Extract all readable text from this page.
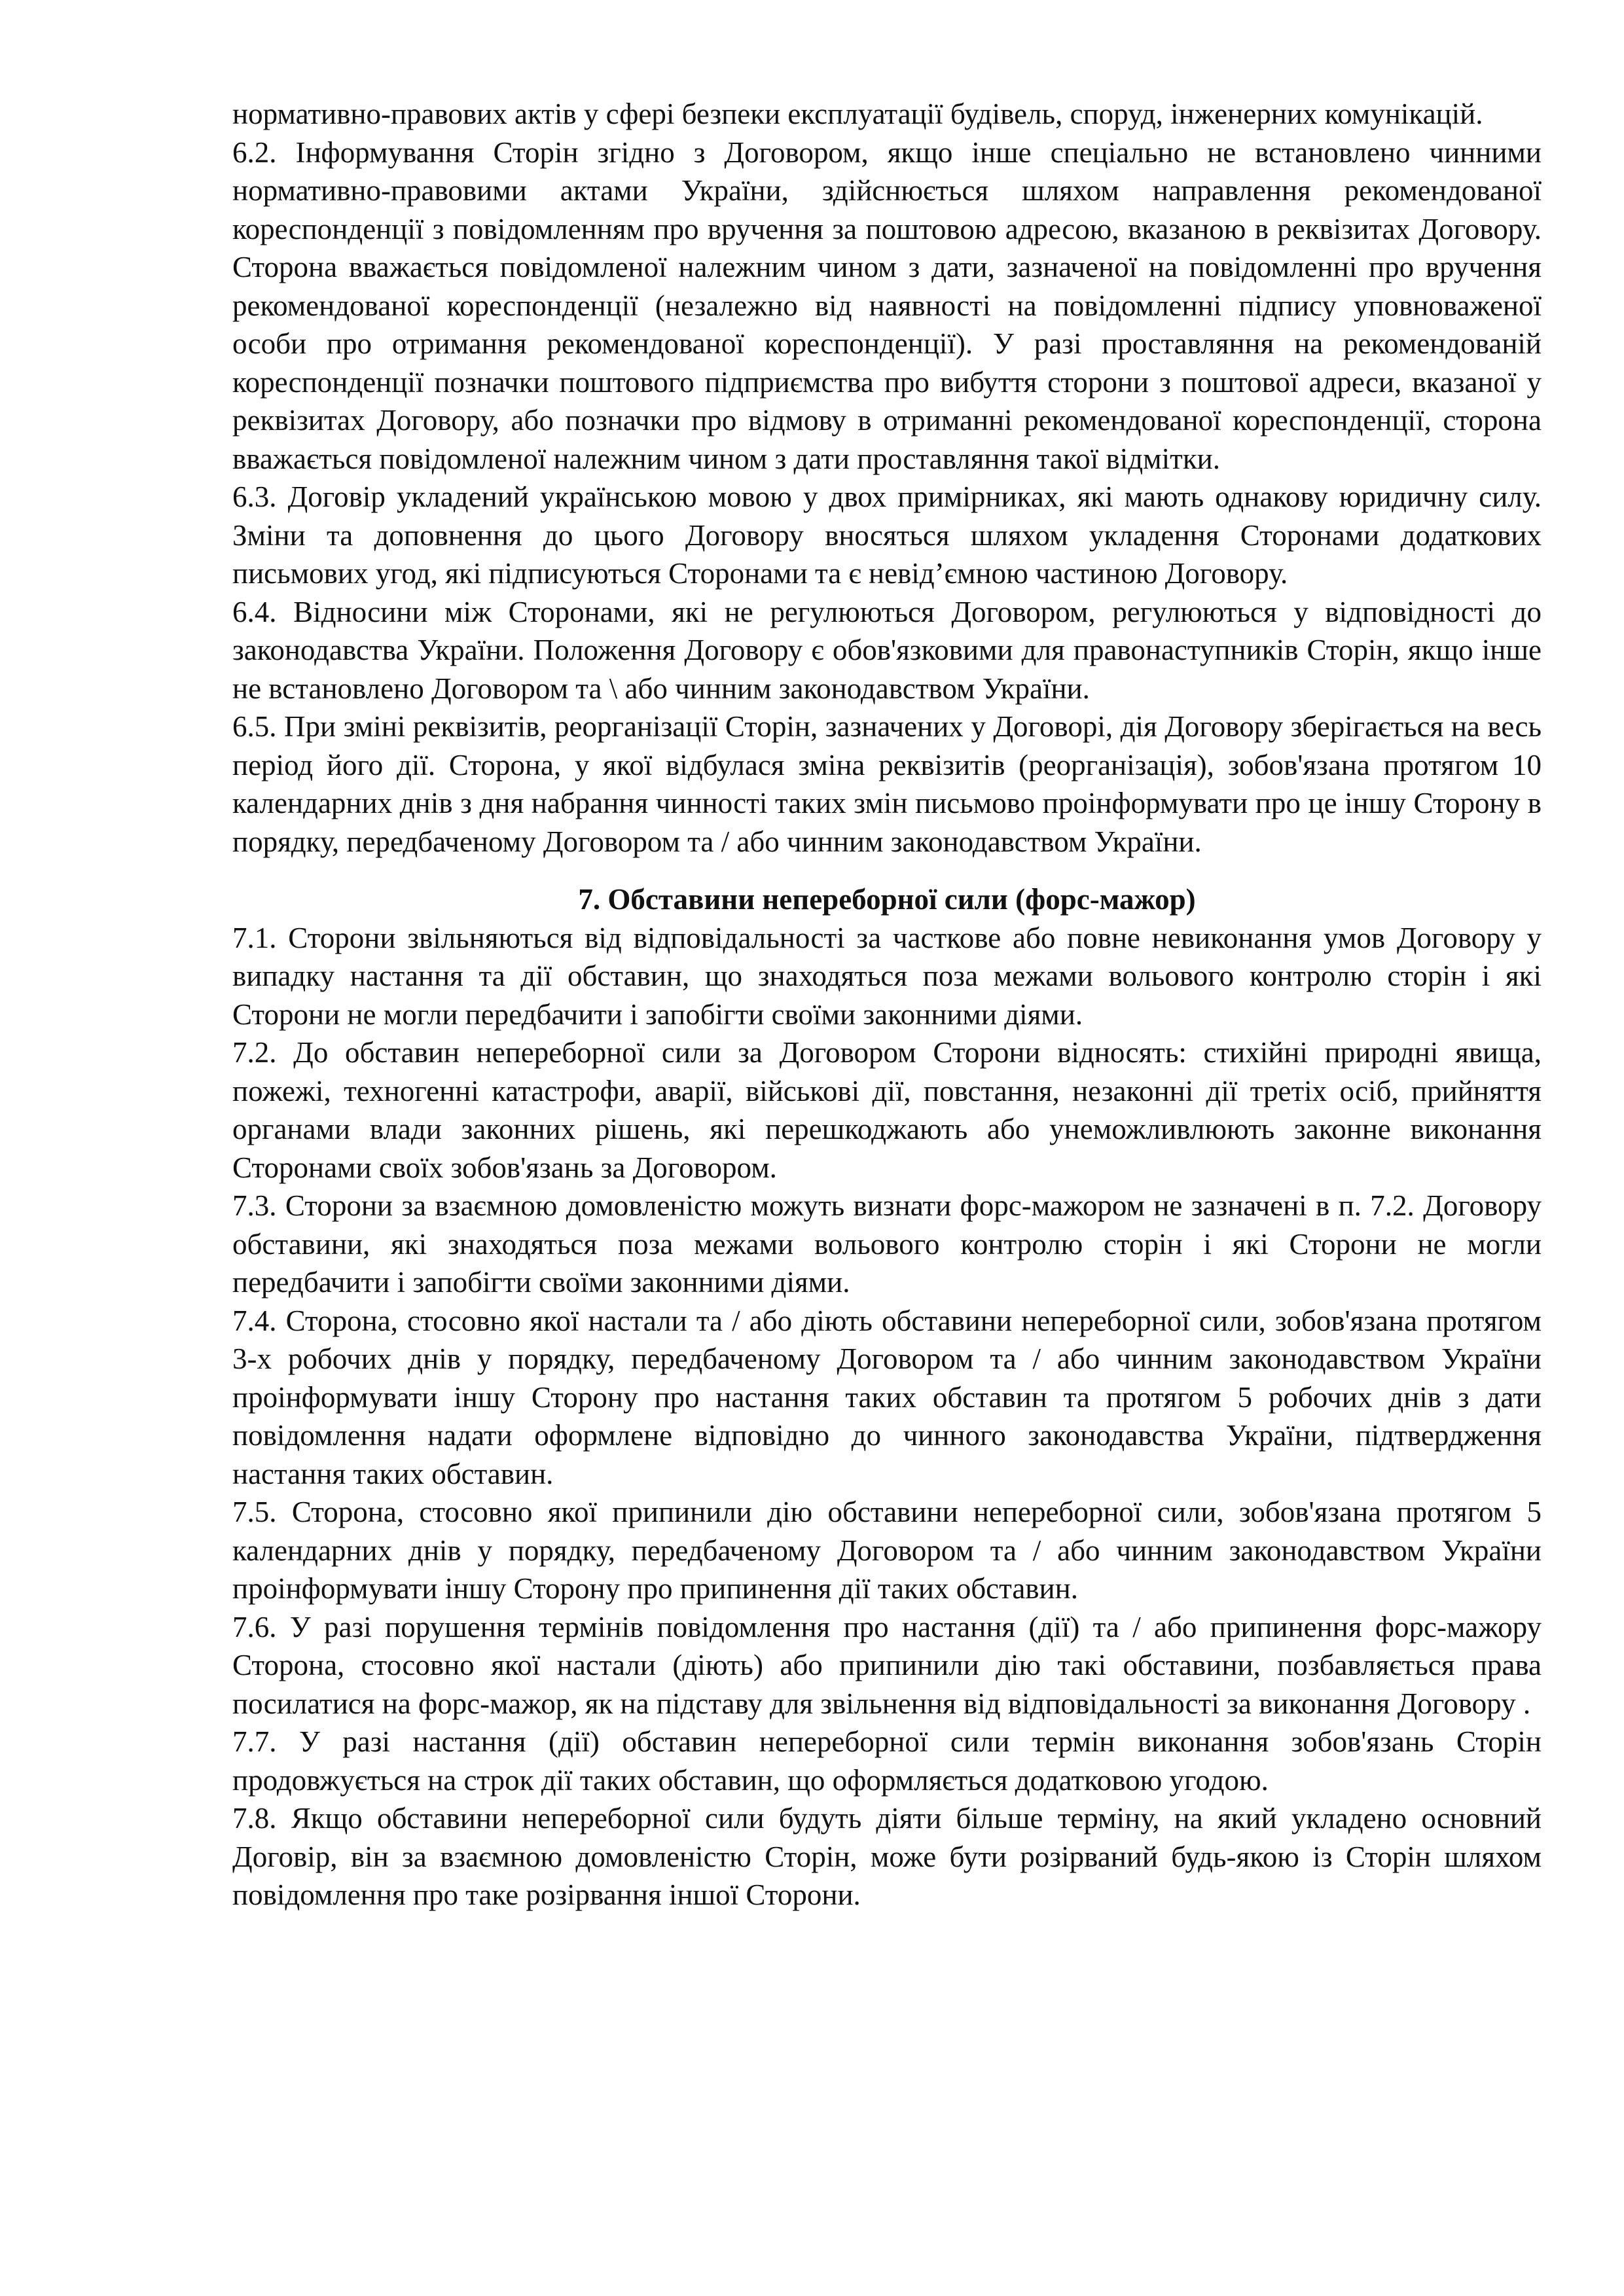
нормативно-правових актів у сфері безпеки експлуатації будівель, споруд, інженерних комунікацій.

6.2. Інформування Сторін згідно з Договором, якщо інше спеціально не встановлено чинними нормативно-правовими актами України, здійснюється шляхом направлення рекомендованої кореспонденції з повідомленням про вручення за поштовою адресою, вказаною в реквізитах Договору. Сторона вважається повідомленої належним чином з дати, зазначеної на повідомленні про вручення рекомендованої кореспонденції (незалежно від наявності на повідомленні підпису уповноваженої особи про отримання рекомендованої кореспонденції). У разі проставляння на рекомендованій кореспонденції позначки поштового підприємства про вибуття сторони з поштової адреси, вказаної у реквізитах Договору, або позначки про відмову в отриманні рекомендованої кореспонденції, сторона вважається повідомленої належним чином з дати проставляння такої відмітки.

6.3. Договір укладений українською мовою у двох примірниках, які мають однакову юридичну силу. Зміни та доповнення до цього Договору вносяться шляхом укладення Сторонами додаткових письмових угод, які підписуються Сторонами та є невід’ємною частиною Договору.

6.4. Відносини між Сторонами, які не регулюються Договором, регулюються у відповідності до законодавства України. Положення Договору є обов'язковими для правонаступників Сторін, якщо інше не встановлено Договором та \ або чинним законодавством України.

6.5. При зміні реквізитів, реорганізації Сторін, зазначених у Договорі, дія Договору зберігається на весь період його дії. Сторона, у якої відбулася зміна реквізитів (реорганізація), зобов'язана протягом 10 календарних днів з дня набрання чинності таких змін письмово проінформувати про це іншу Сторону в порядку, передбаченому Договором та / або чинним законодавством України.

7. Обставини непереборної сили (форс-мажор)

7.1. Сторони звільняються від відповідальності за часткове або повне невиконання умов Договору у випадку настання та дії обставин, що знаходяться поза межами вольового контролю сторін і які Сторони не могли передбачити і запобігти своїми законними діями.

7.2. До обставин непереборної сили за Договором Сторони відносять: стихійні природні явища, пожежі, техногенні катастрофи, аварії, військові дії, повстання, незаконні дії третіх осіб, прийняття органами влади законних рішень, які перешкоджають або унеможливлюють законне виконання Сторонами своїх зобов'язань за Договором.

7.3. Сторони за взаємною домовленістю можуть визнати форс-мажором не зазначені в п. 7.2. Договору обставини, які знаходяться поза межами вольового контролю сторін і які Сторони не могли передбачити і запобігти своїми законними діями.

7.4. Сторона, стосовно якої настали та / або діють обставини непереборної сили, зобов'язана протягом 3-х робочих днів у порядку, передбаченому Договором та / або чинним законодавством України проінформувати іншу Сторону про настання таких обставин та протягом 5 робочих днів з дати повідомлення надати оформлене відповідно до чинного законодавства України, підтвердження настання таких обставин.

7.5. Сторона, стосовно якої припинили дію обставини непереборної сили, зобов'язана протягом 5 календарних днів у порядку, передбаченому Договором та / або чинним законодавством України проінформувати іншу Сторону про припинення дії таких обставин.

7.6. У разі порушення термінів повідомлення про настання (дії) та / або припинення форс-мажору Сторона, стосовно якої настали (діють) або припинили дію такі обставини, позбавляється права посилатися на форс-мажор, як на підставу для звільнення від відповідальності за виконання Договору .

7.7. У разі настання (дії) обставин непереборної сили термін виконання зобов'язань Сторін продовжується на строк дії таких обставин, що оформляється додатковою угодою.

7.8. Якщо обставини непереборної сили будуть діяти більше терміну, на який укладено основний Договір, він за взаємною домовленістю Сторін, може бути розірваний будь-якою із Сторін шляхом повідомлення про таке розірвання іншої Сторони.
